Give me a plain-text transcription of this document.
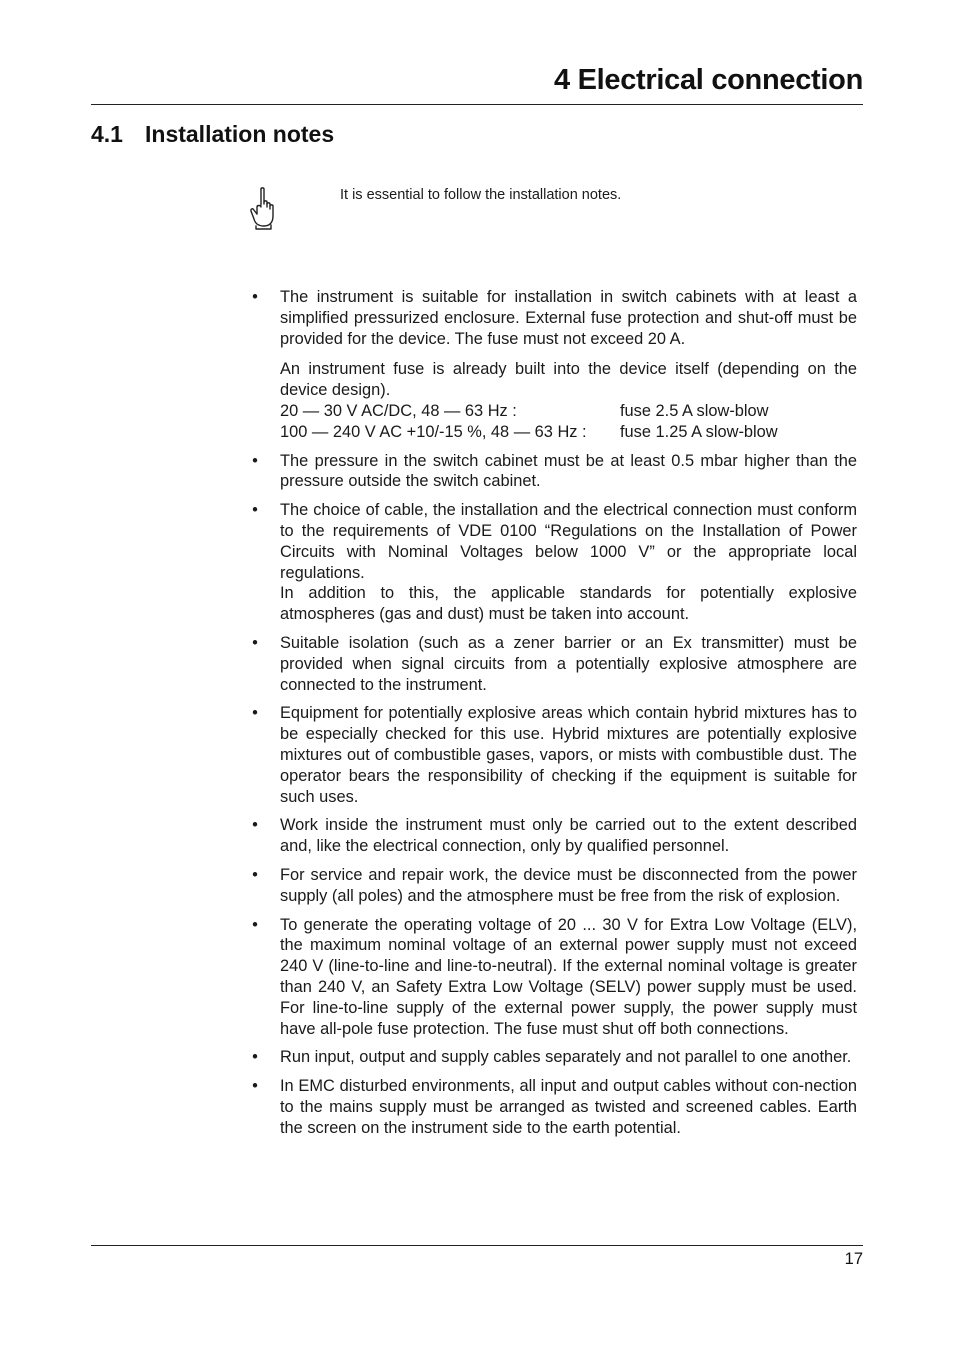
4 Electrical connection
4.1 Installation notes
It is essential to follow the installation notes.
• The instrument is suitable for installation in switch cabinets with at least a simplified pressurized enclosure. External fuse protection and shut-off must be provided for the device. The fuse must not exceed 20 A.

An instrument fuse is already built into the device itself (depending on the device design).

20 — 30 V AC/DC, 48 — 63 Hz :	fuse 2.5 A slow-blow
100 — 240 V AC +10/-15 %, 48 — 63 Hz :	fuse 1.25 A slow-blow
• The pressure in the switch cabinet must be at least 0.5 mbar higher than the pressure outside the switch cabinet.

• The choice of cable, the installation and the electrical connection must conform to the requirements of VDE 0100 “Regulations on the Installation of Power Circuits with Nominal Voltages below 1000 V” or the appropriate local regulations.

In addition to this, the applicable standards for potentially explosive atmospheres (gas and dust) must be taken into account.

• Suitable isolation (such as a zener barrier or an Ex transmitter) must be provided when signal circuits from a potentially explosive atmosphere are connected to the instrument.

• Equipment for potentially explosive areas which contain hybrid mixtures has to be especially checked for this use. Hybrid mixtures are potentially explosive mixtures out of combustible gases, vapors, or mists with combustible dust. The operator bears the responsibility of checking if the equipment is suitable for such uses.

• Work inside the instrument must only be carried out to the extent described and, like the electrical connection, only by qualified personnel.

• For service and repair work, the device must be disconnected from the power supply (all poles) and the atmosphere must be free from the risk of explosion.

• To generate the operating voltage of 20 ... 30 V for Extra Low Voltage (ELV), the maximum nominal voltage of an external power supply must not exceed 240 V (line-to-line and line-to-neutral). If the external nominal voltage is greater than 240 V, an Safety Extra Low Voltage (SELV) power supply must be used. For line-to-line supply of the external power supply, the power supply must have all-pole fuse protection. The fuse must shut off both connections.

• Run input, output and supply cables separately and not parallel to one another.

• In EMC disturbed environments, all input and output cables without con-nection to the mains supply must be arranged as twisted and screened cables. Earth the screen on the instrument side to the earth potential.

17
